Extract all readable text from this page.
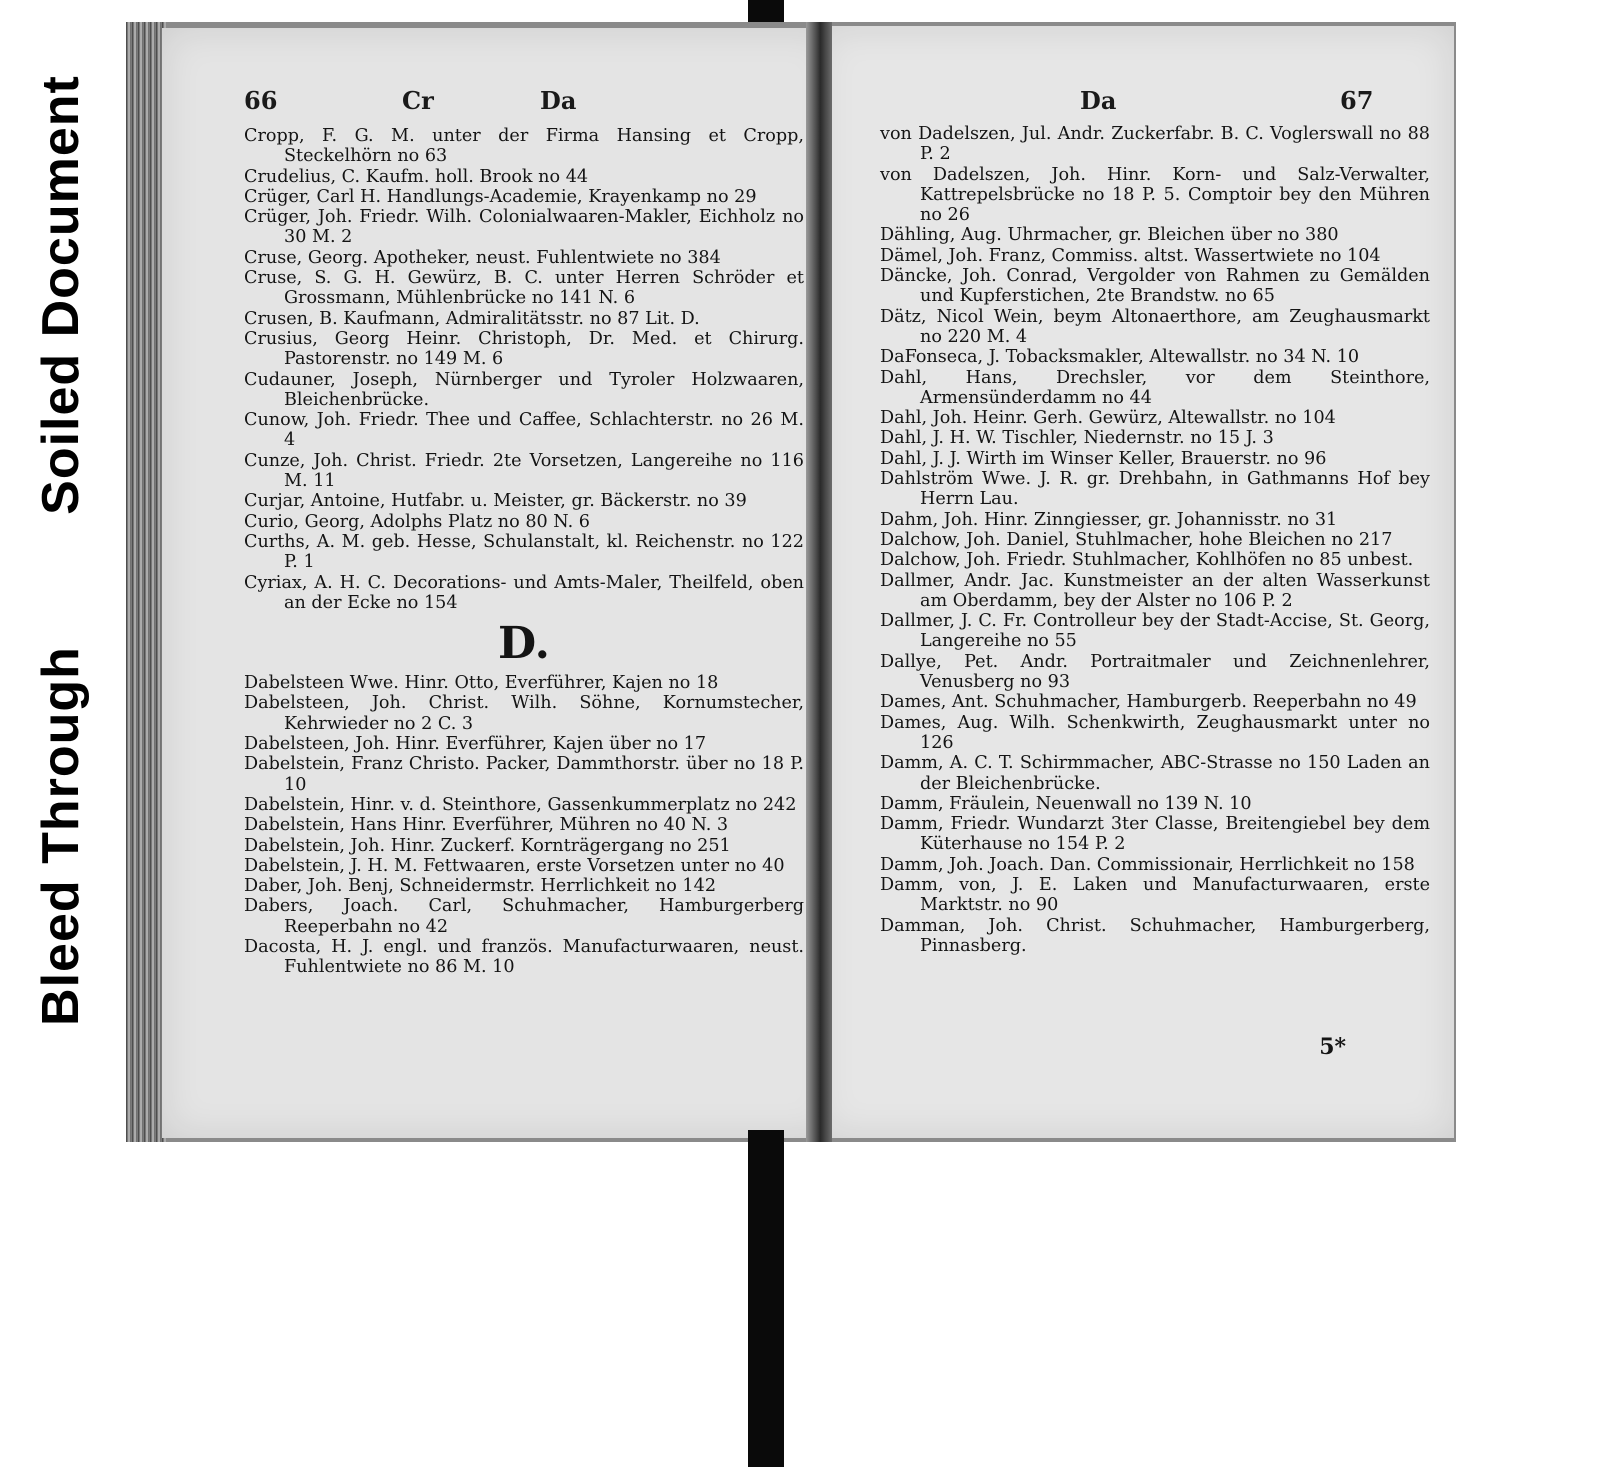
Soiled Document
Bleed Through
66	Cr	Da

Cropp, F. G. M. unter der Firma Hansing et Cropp, Steckelhörn no 63

Crudelius, C. Kaufm. holl. Brook no 44

Crüger, Carl H. Handlungs-Academie, Krayenkamp no 29

Crüger, Joh. Friedr. Wilh. Colonialwaaren-Makler, Eichholz no 30 M. 2

Cruse, Georg. Apotheker, neust. Fuhlentwiete no 384

Cruse, S. G. H. Gewürz, B. C. unter Herren Schröder et Grossmann, Mühlenbrücke no 141 N. 6

Crusen, B. Kaufmann, Admiralitätsstr. no 87 Lit. D.

Crusius, Georg Heinr. Christoph, Dr. Med. et Chirurg. Pastorenstr. no 149 M. 6

Cudauner, Joseph, Nürnberger und Tyroler Holzwaaren, Bleichenbrücke.

Cunow, Joh. Friedr. Thee und Caffee, Schlachterstr. no 26 M. 4

Cunze, Joh. Christ. Friedr. 2te Vorsetzen, Langereihe no 116 M. 11

Curjar, Antoine, Hutfabr. u. Meister, gr. Bäckerstr. no 39

Curio, Georg, Adolphs Platz no 80 N. 6

Curths, A. M. geb. Hesse, Schulanstalt, kl. Reichenstr. no 122 P. 1

Cyriax, A. H. C. Decorations- und Amts-Maler, Theilfeld, oben an der Ecke no 154

D.

Dabelsteen Wwe. Hinr. Otto, Everführer, Kajen no 18

Dabelsteen, Joh. Christ. Wilh. Söhne, Kornumstecher, Kehrwieder no 2 C. 3

Dabelsteen, Joh. Hinr. Everführer, Kajen über no 17

Dabelstein, Franz Christo. Packer, Dammthorstr. über no 18 P. 10

Dabelstein, Hinr. v. d. Steinthore, Gassenkummerplatz no 242

Dabelstein, Hans Hinr. Everführer, Mühren no 40 N. 3

Dabelstein, Joh. Hinr. Zuckerf. Kornträgergang no 251

Dabelstein, J. H. M. Fettwaaren, erste Vorsetzen unter no 40

Daber, Joh. Benj, Schneidermstr. Herrlichkeit no 142

Dabers, Joach. Carl, Schuhmacher, Hamburgerberg Reeperbahn no 42

Dacosta, H. J. engl. und französ. Manufacturwaaren, neust. Fuhlentwiete no 86 M. 10

Da	67

von Dadelszen, Jul. Andr. Zuckerfabr. B. C. Voglerswall no 88 P. 2

von Dadelszen, Joh. Hinr. Korn- und Salz-Verwalter, Kattrepelsbrücke no 18 P. 5. Comptoir bey den Mühren no 26

Dähling, Aug. Uhrmacher, gr. Bleichen über no 380

Dämel, Joh. Franz, Commiss. altst. Wassertwiete no 104

Däncke, Joh. Conrad, Vergolder von Rahmen zu Gemälden und Kupferstichen, 2te Brandstw. no 65

Dätz, Nicol Wein, beym Altonaerthore, am Zeughausmarkt no 220 M. 4

DaFonseca, J. Tobacksmakler, Altewallstr. no 34 N. 10

Dahl, Hans, Drechsler, vor dem Steinthore, Armensünderdamm no 44

Dahl, Joh. Heinr. Gerh. Gewürz, Altewallstr. no 104

Dahl, J. H. W. Tischler, Niedernstr. no 15 J. 3

Dahl, J. J. Wirth im Winser Keller, Brauerstr. no 96

Dahlström Wwe. J. R. gr. Drehbahn, in Gathmanns Hof bey Herrn Lau.

Dahm, Joh. Hinr. Zinngiesser, gr. Johannisstr. no 31

Dalchow, Joh. Daniel, Stuhlmacher, hohe Bleichen no 217

Dalchow, Joh. Friedr. Stuhlmacher, Kohlhöfen no 85 unbest.

Dallmer, Andr. Jac. Kunstmeister an der alten Wasserkunst am Oberdamm, bey der Alster no 106 P. 2

Dallmer, J. C. Fr. Controlleur bey der Stadt-Accise, St. Georg, Langereihe no 55

Dallye, Pet. Andr. Portraitmaler und Zeichnenlehrer, Venusberg no 93

Dames, Ant. Schuhmacher, Hamburgerb. Reeperbahn no 49

Dames, Aug. Wilh. Schenkwirth, Zeughausmarkt unter no 126

Damm, A. C. T. Schirmmacher, ABC-Strasse no 150 Laden an der Bleichenbrücke.

Damm, Fräulein, Neuenwall no 139 N. 10

Damm, Friedr. Wundarzt 3ter Classe, Breitengiebel bey dem Küterhause no 154 P. 2

Damm, Joh. Joach. Dan. Commissionair, Herrlichkeit no 158

Damm, von, J. E. Laken und Manufacturwaaren, erste Marktstr. no 90

Damman, Joh. Christ. Schuhmacher, Hamburgerberg, Pinnasberg.

5*
